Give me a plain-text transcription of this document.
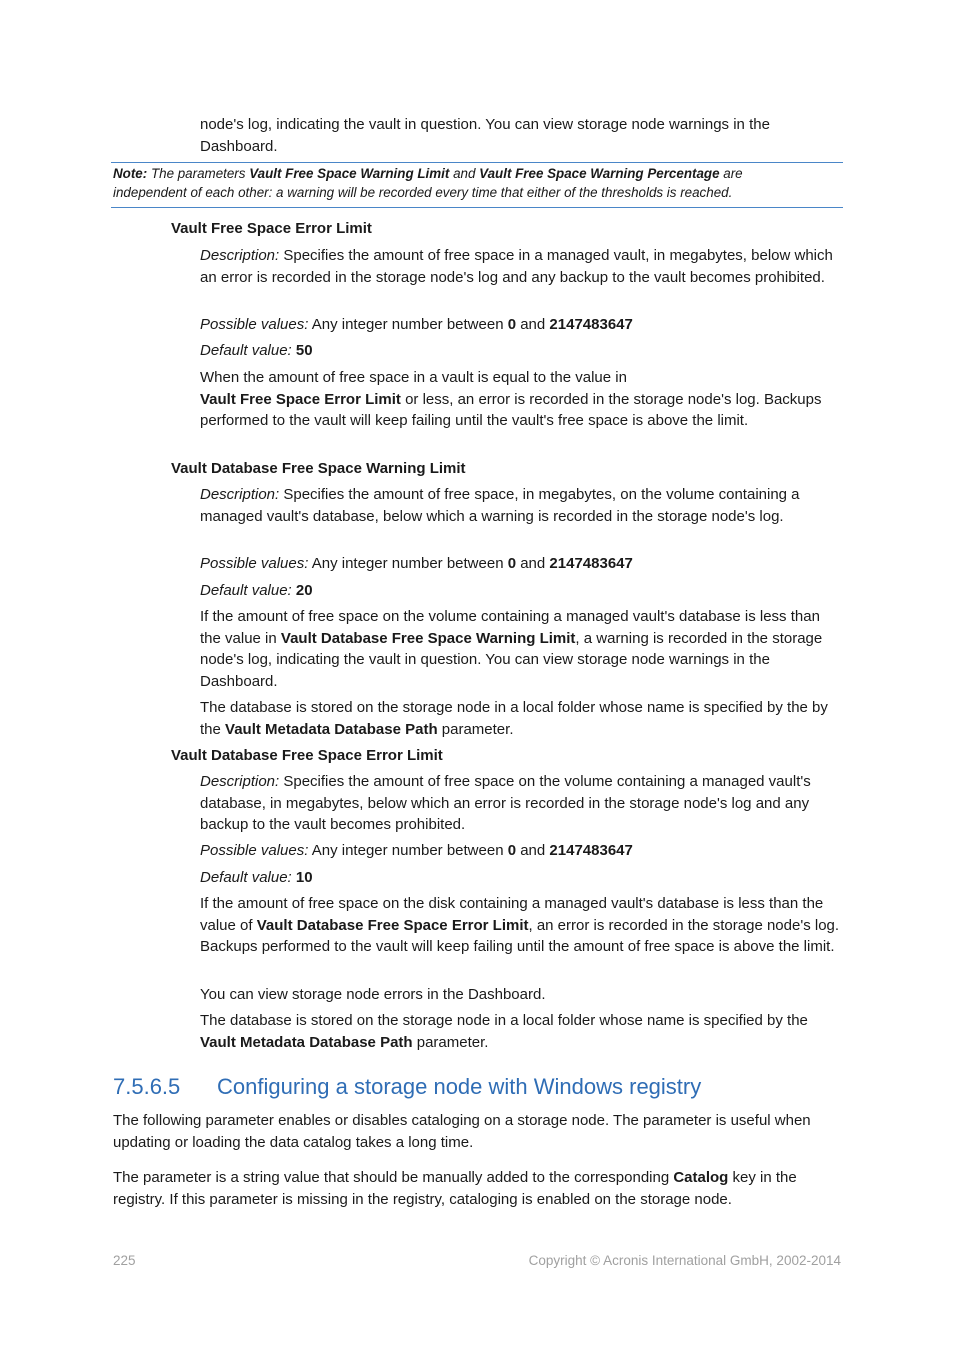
node's log, indicating the vault in question. You can view storage node warnings in the
Dashboard.
Note: The parameters Vault Free Space Warning Limit and Vault Free Space Warning Percentage are
independent of each other: a warning will be recorded every time that either of the thresholds is reached.
Vault Free Space Error Limit
Description: Specifies the amount of free space in a managed vault, in megabytes, below which an error is recorded in the storage node's log and any backup to the vault becomes prohibited.
Possible values: Any integer number between 0 and 2147483647
Default value: 50
When the amount of free space in a vault is equal to the value in
Vault Free Space Error Limit or less, an error is recorded in the storage node's log. Backups performed to the vault will keep failing until the vault's free space is above the limit.
Vault Database Free Space Warning Limit
Description: Specifies the amount of free space, in megabytes, on the volume containing a managed vault's database, below which a warning is recorded in the storage node's log.
Possible values: Any integer number between 0 and 2147483647
Default value: 20
If the amount of free space on the volume containing a managed vault's database is less than the value in Vault Database Free Space Warning Limit, a warning is recorded in the storage node's log, indicating the vault in question. You can view storage node warnings in the Dashboard.
The database is stored on the storage node in a local folder whose name is specified by the by the Vault Metadata Database Path parameter.
Vault Database Free Space Error Limit
Description: Specifies the amount of free space on the volume containing a managed vault's database, in megabytes, below which an error is recorded in the storage node's log and any backup to the vault becomes prohibited.
Possible values: Any integer number between 0 and 2147483647
Default value: 10
If the amount of free space on the disk containing a managed vault's database is less than the value of Vault Database Free Space Error Limit, an error is recorded in the storage node's log. Backups performed to the vault will keep failing until the amount of free space is above the limit.
You can view storage node errors in the Dashboard.
The database is stored on the storage node in a local folder whose name is specified by the Vault Metadata Database Path parameter.
7.5.6.5 Configuring a storage node with Windows registry
The following parameter enables or disables cataloging on a storage node. The parameter is useful when updating or loading the data catalog takes a long time.
The parameter is a string value that should be manually added to the corresponding Catalog key in the registry. If this parameter is missing in the registry, cataloging is enabled on the storage node.
225	Copyright © Acronis International GmbH, 2002-2014
